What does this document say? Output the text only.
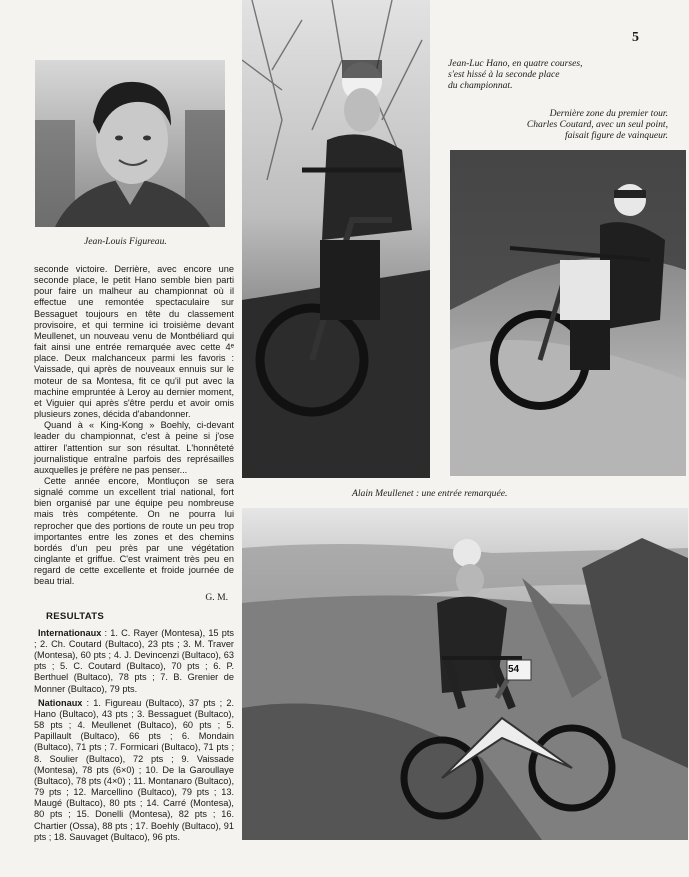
5
Jean-Louis Figureau.
Jean-Luc Hano, en quatre courses,
s'est hissé à la seconde place
du championnat.
Dernière zone du premier tour.
Charles Coutard, avec un seul point,
faisait figure de vainqueur.
Alain Meullenet : une entrée remarquée.
54

seconde victoire. Derrière, avec encore une seconde place, le petit Hano semble bien parti pour faire un malheur au championnat où il effectue une remontée spectaculaire sur Bessaguet toujours en tête du classement provisoire, et qui termine ici troisième devant Meullenet, un nouveau venu de Montbéliard qui fait ainsi une entrée remarquée avec cette 4ᵉ place. Deux malchanceux parmi les favoris : Vaissade, qui après de nouveaux ennuis sur le moteur de sa Montesa, fit ce qu'il put avec la machine empruntée à Leroy au dernier moment, et Viguier qui après s'être perdu et avoir omis plusieurs zones, décida d'abandonner.

Quand à « King-Kong » Boehly, ci-devant leader du championnat, c'est à peine si j'ose attirer l'attention sur son résultat. L'honnêteté journalistique entraîne parfois des représailles auxquelles je préfère ne pas penser...

Cette année encore, Montluçon se sera signalé comme un excellent trial national, fort bien organisé par une équipe peu nombreuse mais très compétente. On ne pourra lui reprocher que des portions de route un peu trop importantes entre les zones et des chemins bordés d'un peu près par une végétation cinglante et griffue. C'est vraiment très peu en regard de cette excellente et froide journée de beau trial.

G. M.

RESULTATS

Internationaux : 1. C. Rayer (Montesa), 15 pts ; 2. Ch. Coutard (Bultaco), 23 pts ; 3. M. Traver (Montesa), 60 pts ; 4. J. Devincenzi (Bultaco), 63 pts ; 5. C. Coutard (Bultaco), 70 pts ; 6. P. Berthuel (Bultaco), 78 pts ; 7. B. Grenier de Monner (Bultaco), 79 pts.

Nationaux : 1. Figureau (Bultaco), 37 pts ; 2. Hano (Bultaco), 43 pts ; 3. Bessaguet (Bultaco), 58 pts ; 4. Meullenet (Bultaco), 60 pts ; 5. Papillault (Bultaco), 66 pts ; 6. Mondain (Bultaco), 71 pts ; 7. Formicari (Bultaco), 71 pts ; 8. Soulier (Bultaco), 72 pts ; 9. Vaissade (Montesa), 78 pts (6×0) ; 10. De la Garoullaye (Bultaco), 78 pts (4×0) ; 11. Montanaro (Bultaco), 79 pts ; 12. Marcellino (Bultaco), 79 pts ; 13. Maugé (Bultaco), 80 pts ; 14. Carré (Montesa), 80 pts ; 15. Donelli (Montesa), 82 pts ; 16. Chartier (Ossa), 88 pts ; 17. Boehly (Bultaco), 91 pts ; 18. Sauvaget (Bultaco), 96 pts.
